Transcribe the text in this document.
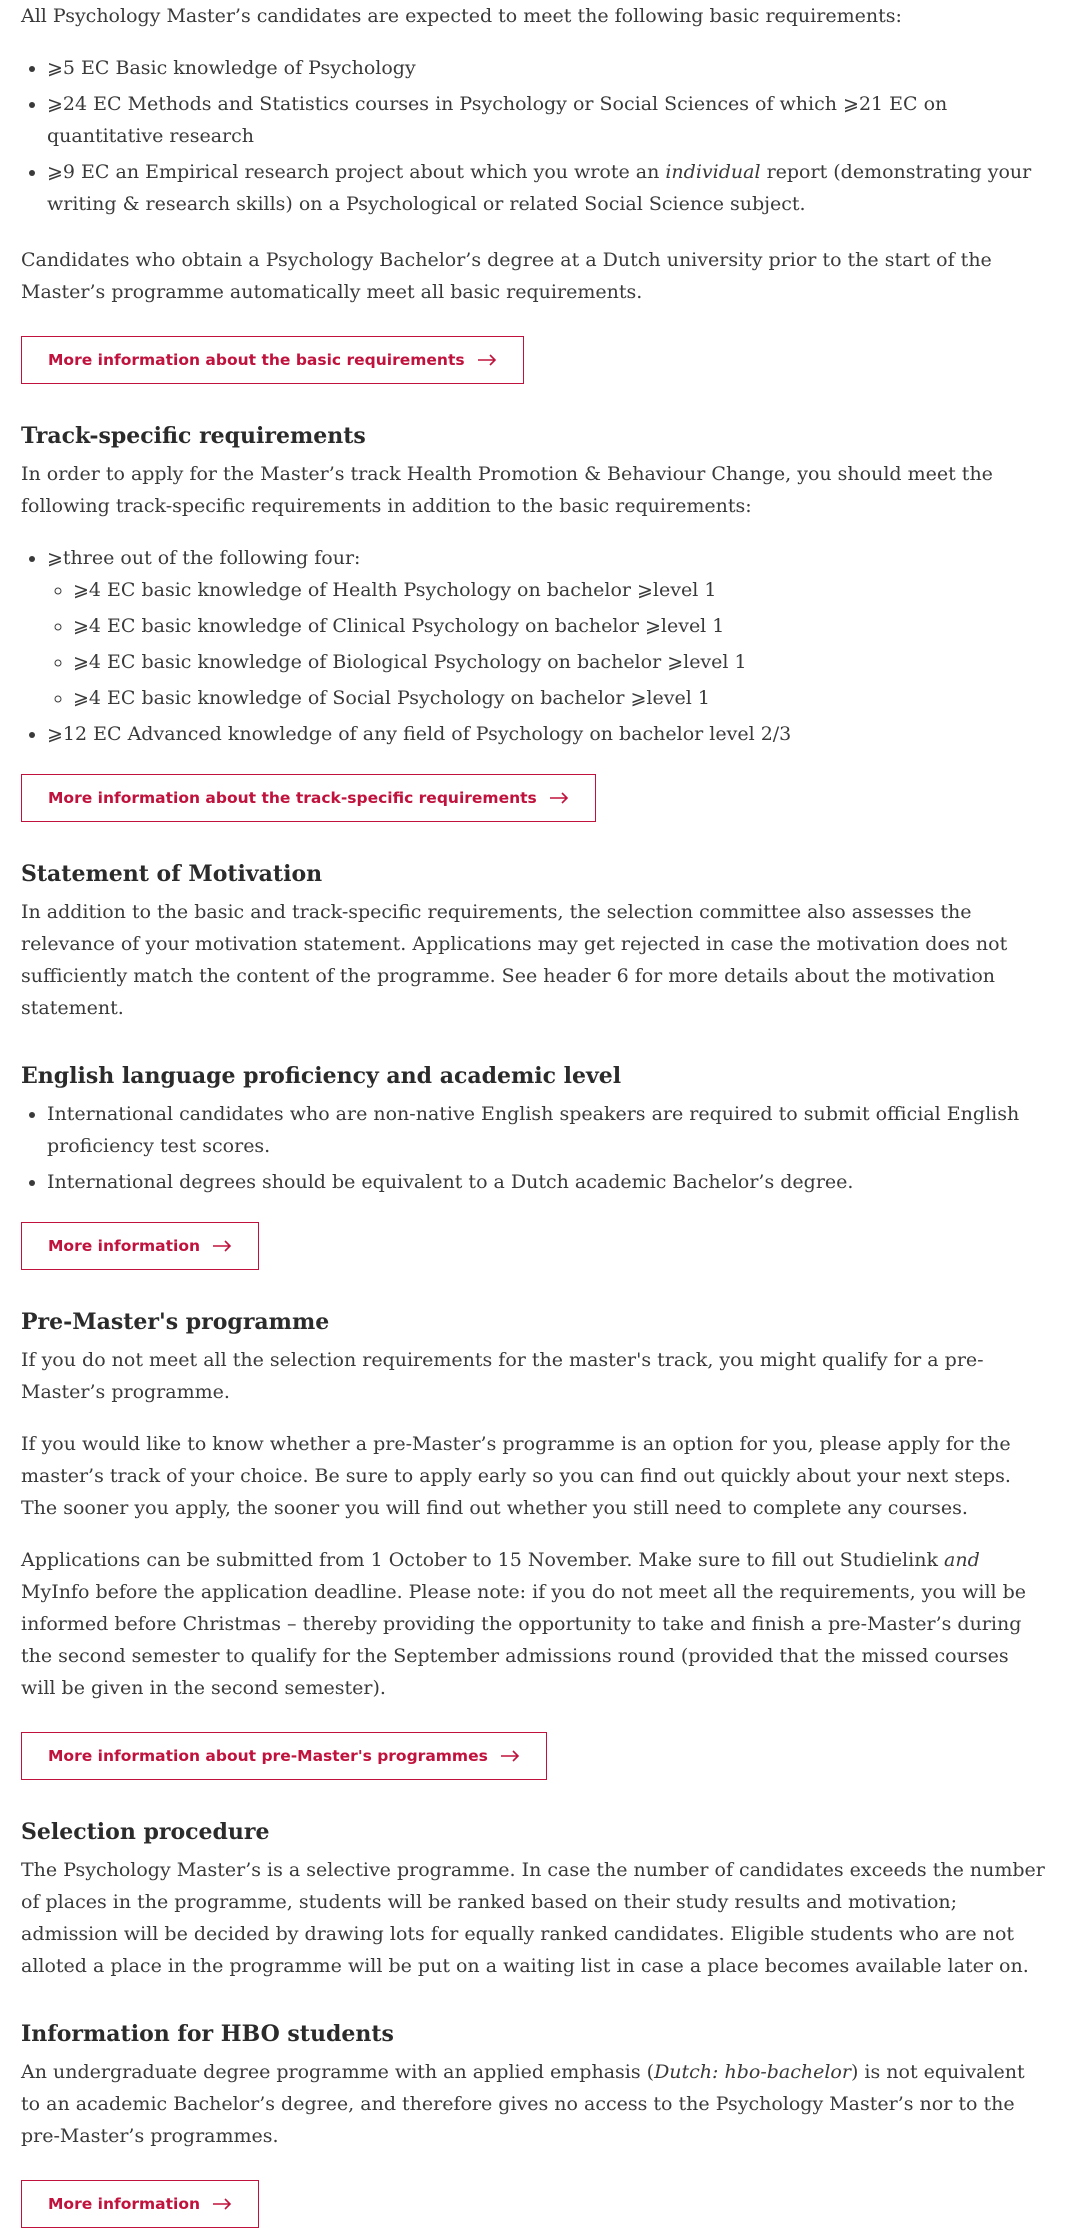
All Psychology Master’s candidates are expected to meet the following basic requirements:

• ⩾5 EC Basic knowledge of Psychology
• ⩾24 EC Methods and Statistics courses in Psychology or Social Sciences of which ⩾21 EC on quantitative research
• ⩾9 EC an Empirical research project about which you wrote an individual report (demonstrating your writing & research skills) on a Psychological or related Social Science subject.

Candidates who obtain a Psychology Bachelor’s degree at a Dutch university prior to the start of the Master’s programme automatically meet all basic requirements.

More information about the basic requirements
Track-specific requirements

In order to apply for the Master’s track Health Promotion & Behaviour Change, you should meet the following track-specific requirements in addition to the basic requirements:

• ⩾three out of the following four:
◦ ⩾4 EC basic knowledge of Health Psychology on bachelor ⩾level 1
◦ ⩾4 EC basic knowledge of Clinical Psychology on bachelor ⩾level 1
◦ ⩾4 EC basic knowledge of Biological Psychology on bachelor ⩾level 1
◦ ⩾4 EC basic knowledge of Social Psychology on bachelor ⩾level 1
• ⩾12 EC Advanced knowledge of any field of Psychology on bachelor level 2/3
More information about the track-specific requirements
Statement of Motivation

In addition to the basic and track-specific requirements, the selection committee also assesses the relevance of your motivation statement. Applications may get rejected in case the motivation does not sufficiently match the content of the programme. See header 6 for more details about the motivation statement.

English language proficiency and academic level
• International candidates who are non-native English speakers are required to submit official English proficiency test scores.
• International degrees should be equivalent to a Dutch academic Bachelor’s degree.
More information
Pre-Master's programme

If you do not meet all the selection requirements for the master's track, you might qualify for a pre-Master’s programme.

If you would like to know whether a pre-Master’s programme is an option for you, please apply for the master’s track of your choice. Be sure to apply early so you can find out quickly about your next steps. The sooner you apply, the sooner you will find out whether you still need to complete any courses.

Applications can be submitted from 1 October to 15 November. Make sure to fill out Studielink and MyInfo before the application deadline. Please note: if you do not meet all the requirements, you will be informed before Christmas – thereby providing the opportunity to take and finish a pre-Master’s during the second semester to qualify for the September admissions round (provided that the missed courses will be given in the second semester).

More information about pre-Master's programmes
Selection procedure

The Psychology Master’s is a selective programme. In case the number of candidates exceeds the number of places in the programme, students will be ranked based on their study results and motivation; admission will be decided by drawing lots for equally ranked candidates. Eligible students who are not alloted a place in the programme will be put on a waiting list in case a place becomes available later on.

Information for HBO students

An undergraduate degree programme with an applied emphasis (Dutch: hbo-bachelor) is not equivalent to an academic Bachelor’s degree, and therefore gives no access to the Psychology Master’s nor to the pre-Master’s programmes.

More information
